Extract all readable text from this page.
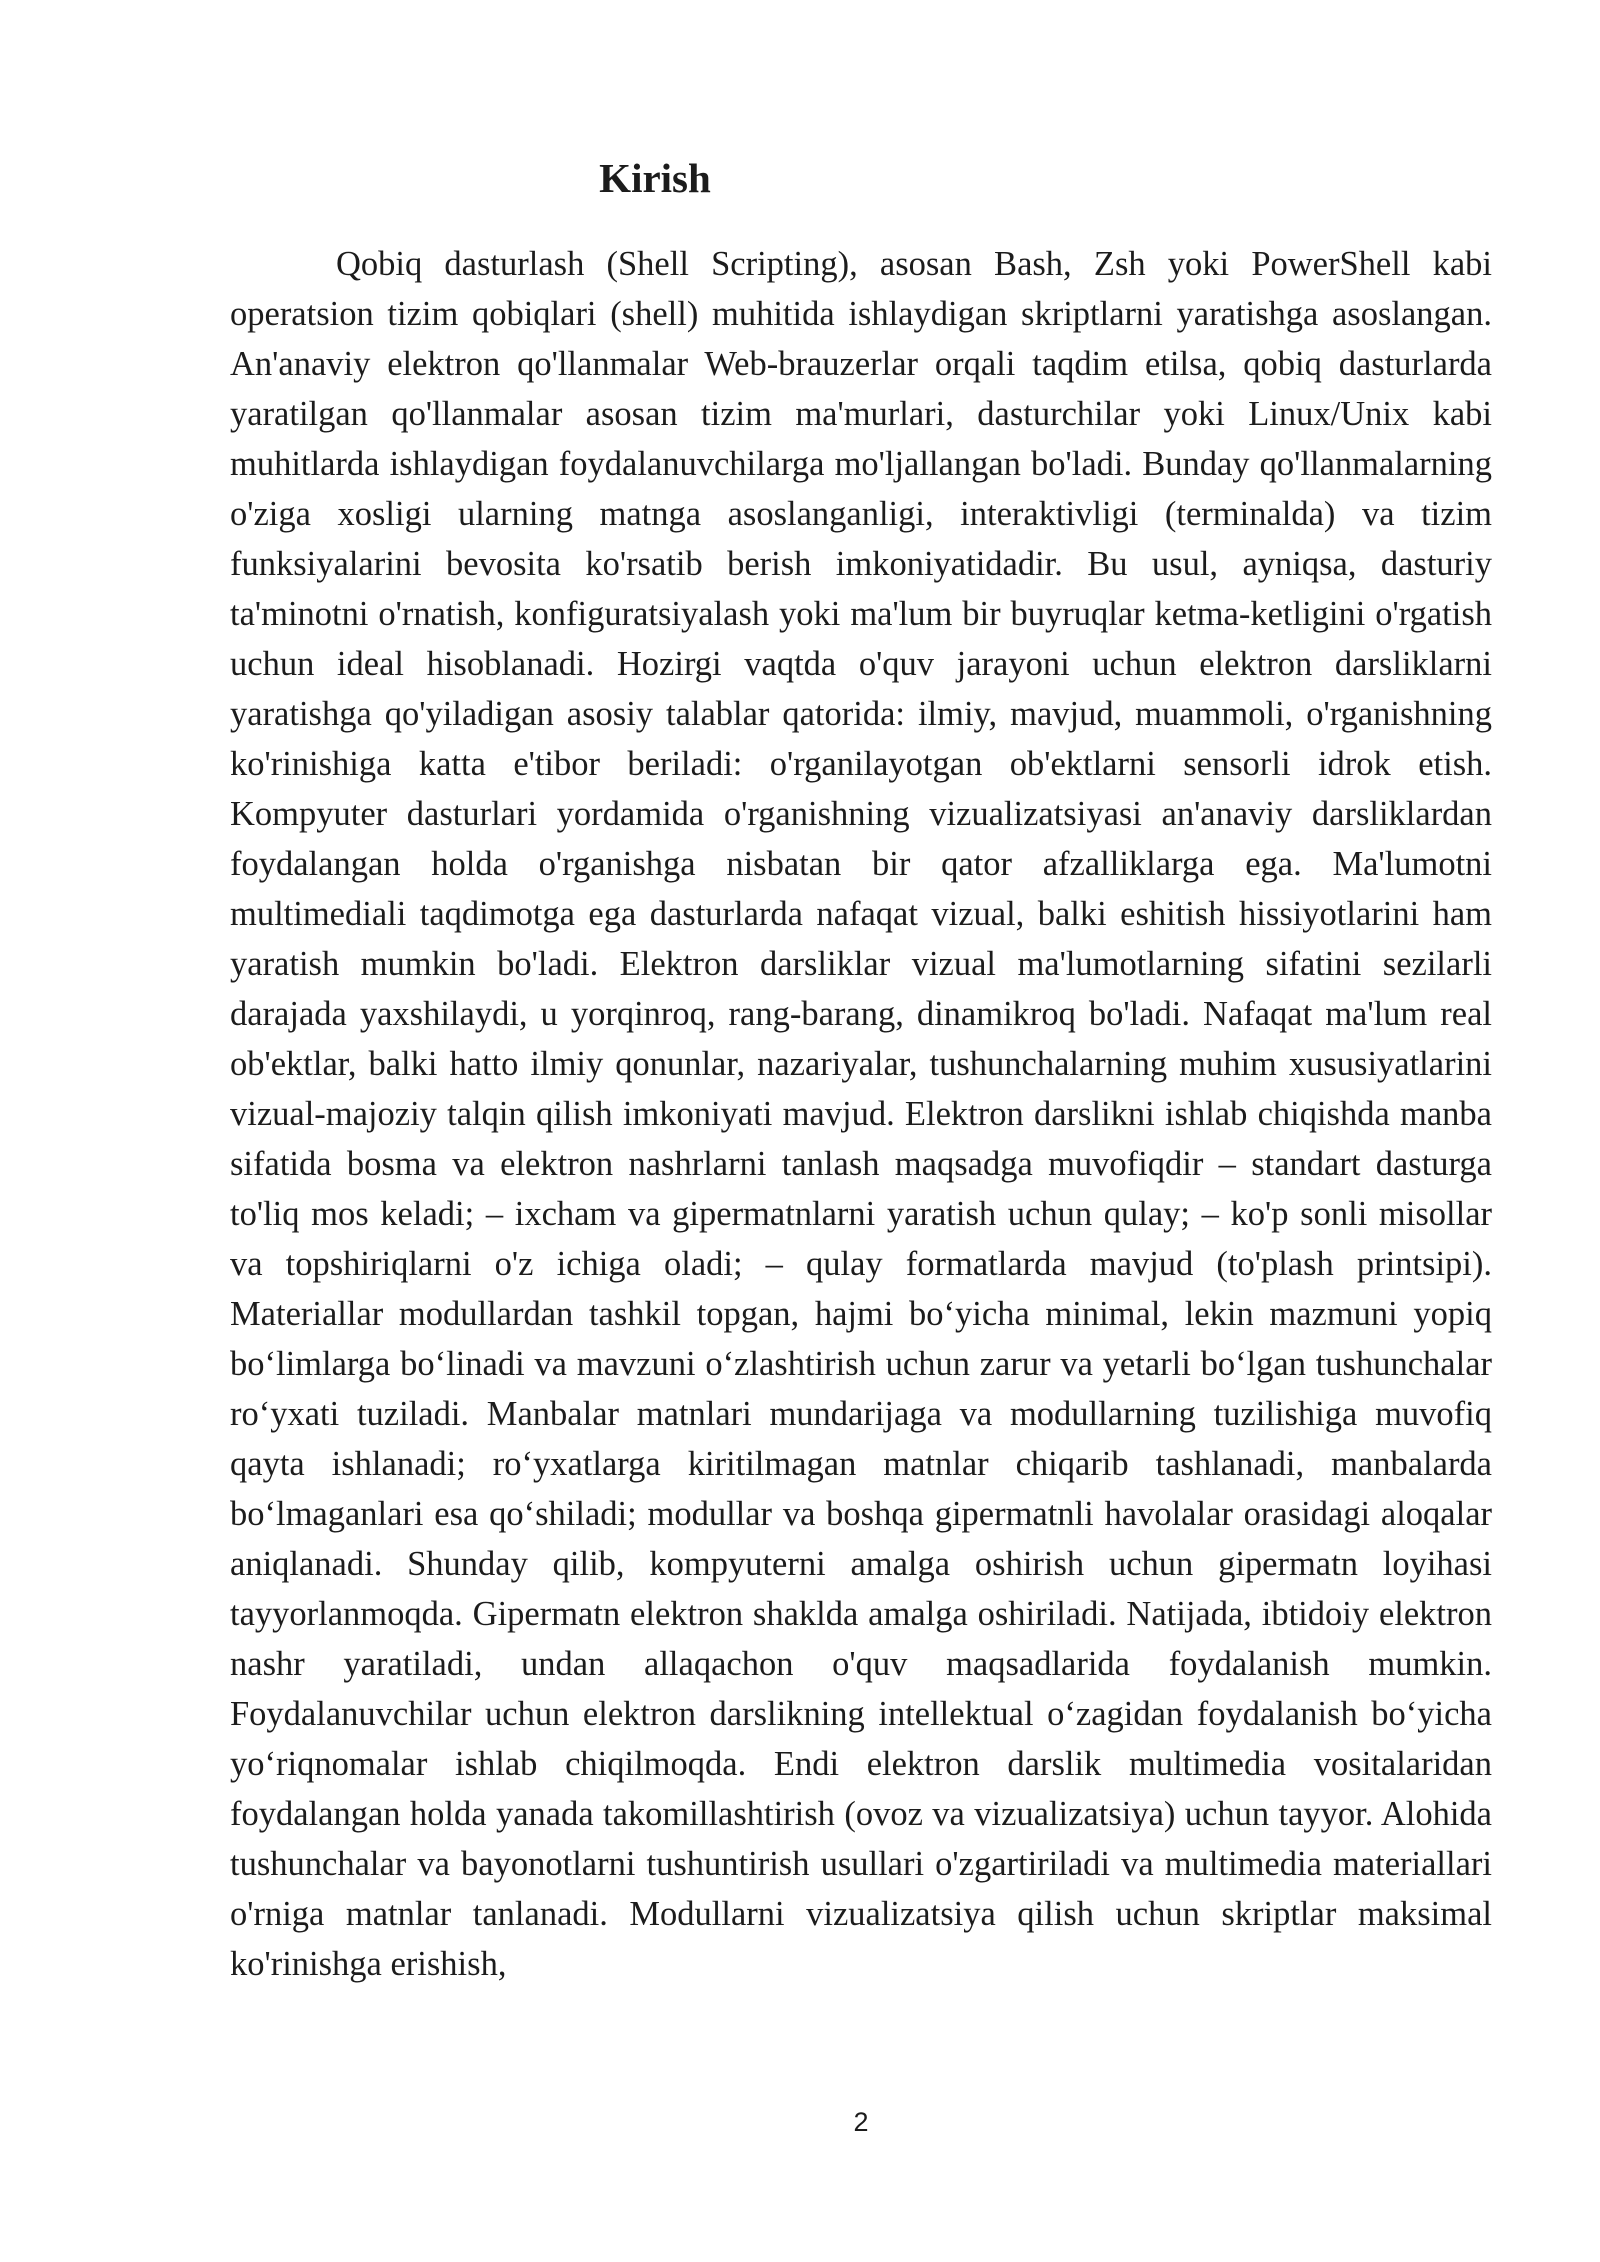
Kirish

Qobiq dasturlash (Shell Scripting), asosan Bash, Zsh yoki PowerShell kabi operatsion tizim qobiqlari (shell) muhitida ishlaydigan skriptlarni yaratishga asoslangan. An'anaviy elektron qo'llanmalar Web-brauzerlar orqali taqdim etilsa, qobiq dasturlarda yaratilgan qo'llanmalar asosan tizim ma'murlari, dasturchilar yoki Linux/Unix kabi muhitlarda ishlaydigan foydalanuvchilarga mo'ljallangan bo'ladi. Bunday qo'llanmalarning o'ziga xosligi ularning matnga asoslanganligi, interaktivligi (terminalda) va tizim funksiyalarini bevosita ko'rsatib berish imkoniyatidadir. Bu usul, ayniqsa, dasturiy ta'minotni o'rnatish, konfiguratsiyalash yoki ma'lum bir buyruqlar ketma-ketligini o'rgatish uchun ideal hisoblanadi. Hozirgi vaqtda o'quv jarayoni uchun elektron darsliklarni yaratishga qo'yiladigan asosiy talablar qatorida: ilmiy, mavjud, muammoli, o'rganishning ko'rinishiga katta e'tibor beriladi: o'rganilayotgan ob'ektlarni sensorli idrok etish. Kompyuter dasturlari yordamida o'rganishning vizualizatsiyasi an'anaviy darsliklardan foydalangan holda o'rganishga nisbatan bir qator afzalliklarga ega. Ma'lumotni multimediali taqdimotga ega dasturlarda nafaqat vizual, balki eshitish hissiyotlarini ham yaratish mumkin bo'ladi. Elektron darsliklar vizual ma'lumotlarning sifatini sezilarli darajada yaxshilaydi, u yorqinroq, rang-barang, dinamikroq bo'ladi. Nafaqat ma'lum real ob'ektlar, balki hatto ilmiy qonunlar, nazariyalar, tushunchalarning muhim xususiyatlarini vizual-majoziy talqin qilish imkoniyati mavjud. Elektron darslikni ishlab chiqishda manba sifatida bosma va elektron nashrlarni tanlash maqsadga muvofiqdir – standart dasturga to'liq mos keladi; – ixcham va gipermatnlarni yaratish uchun qulay; – ko'p sonli misollar va topshiriqlarni o'z ichiga oladi; – qulay formatlarda mavjud (to'plash printsipi). Materiallar modullardan tashkil topgan, hajmi bo‘yicha minimal, lekin mazmuni yopiq bo‘limlarga bo‘linadi va mavzuni o‘zlashtirish uchun zarur va yetarli bo‘lgan tushunchalar ro‘yxati tuziladi. Manbalar matnlari mundarijaga va modullarning tuzilishiga muvofiq qayta ishlanadi; ro‘yxatlarga kiritilmagan matnlar chiqarib tashlanadi, manbalarda bo‘lmaganlari esa qo‘shiladi; modullar va boshqa gipermatnli havolalar orasidagi aloqalar aniqlanadi. Shunday qilib, kompyuterni amalga oshirish uchun gipermatn loyihasi tayyorlanmoqda. Gipermatn elektron shaklda amalga oshiriladi. Natijada, ibtidoiy elektron nashr yaratiladi, undan allaqachon o'quv maqsadlarida foydalanish mumkin. Foydalanuvchilar uchun elektron darslikning intellektual o‘zagidan foydalanish bo‘yicha yo‘riqnomalar ishlab chiqilmoqda. Endi elektron darslik multimedia vositalaridan foydalangan holda yanada takomillashtirish (ovoz va vizualizatsiya) uchun tayyor. Alohida tushunchalar va bayonotlarni tushuntirish usullari o'zgartiriladi va multimedia materiallari o'rniga matnlar tanlanadi. Modullarni vizualizatsiya qilish uchun skriptlar maksimal ko'rinishga erishish,

2
